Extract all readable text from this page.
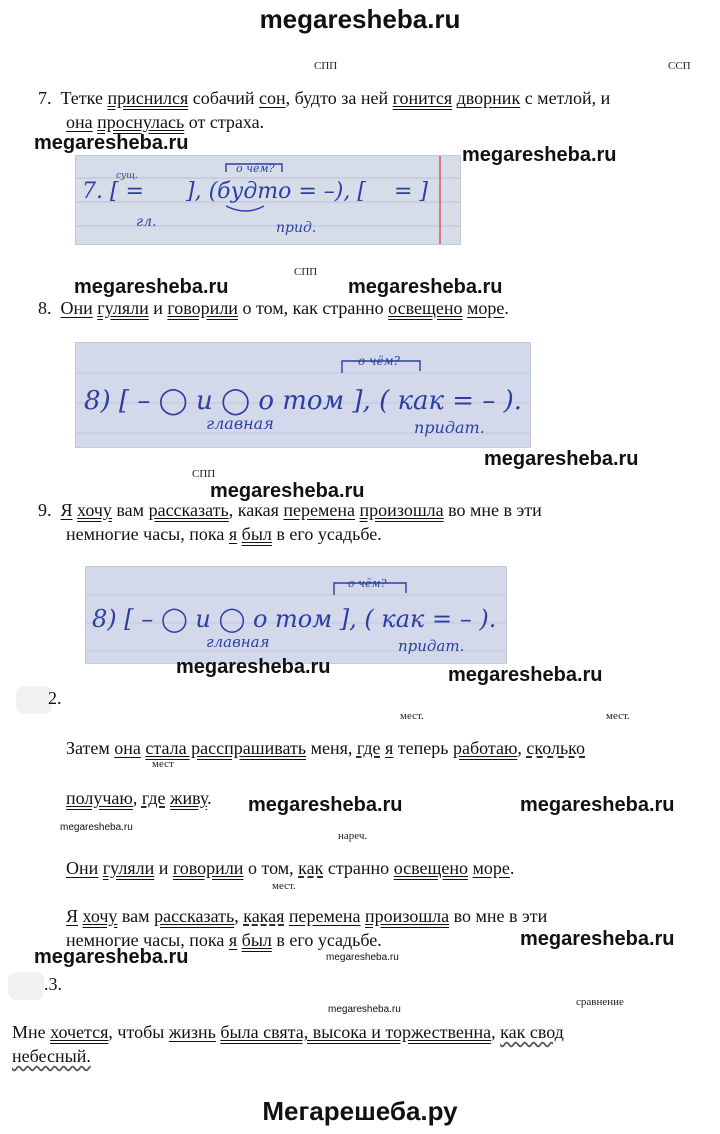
megaresheba.ru
СПП	ССП
7. Тетке приснился собачий сон, будто за ней гонится дворник с метлой, и
она проснулась от страха.
megaresheba.ru
megaresheba.ru
7. [ =
сущ.
о чём?
], (будто = –), [ = ]
гл.	прид.
megaresheba.ru
СПП
megaresheba.ru
8. Они гуляли и говорили о том, как странно освещено море.
8) [ – ◯ и ◯ о том ], ( как = – ).
о чём?
главная	придат.
megaresheba.ru
СПП
megaresheba.ru
9. Я хочу вам рассказать, какая перемена произошла во мне в эти
немногие часы, пока я был в его усадьбе.
8) [ – ◯ и ◯ о том ], ( как = – ).
о чём?
главная	придат.
megaresheba.ru	megaresheba.ru
2.
мест.	мест.
Затем она стала расспрашивать меня, где я теперь работаю, сколько
мест
получаю, где живу. megaresheba.ru	megaresheba.ru
megaresheba.ru
нареч.
Они гуляли и говорили о том, как странно освещено море.
мест.
Я хочу вам рассказать, какая перемена произошла во мне в эти
немногие часы, пока я был в его усадьбе.	megaresheba.ru
megaresheba.ru	megaresheba.ru
.3.
сравнение
megaresheba.ru
Мне хочется, чтобы жизнь была свята, высока и торжественна, как свод
небесный.
Мегарешеба.ру
